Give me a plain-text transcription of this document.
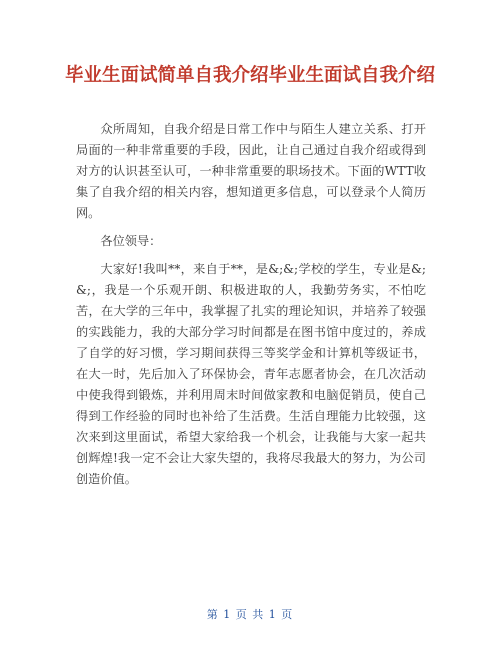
毕业生面试简单自我介绍毕业生面试自我介绍

众所周知，自我介绍是日常工作中与陌生人建立关系、打开局面的一种非常重要的手段，因此，让自己通过自我介绍或得到对方的认识甚至认可，一种非常重要的职场技术。下面的WTT收集了自我介绍的相关内容，想知道更多信息，可以登录个人简历网。

各位领导：

大家好!我叫**，来自于**，是&;&;学校的学生，专业是&;&;，我是一个乐观开朗、积极进取的人，我勤劳务实，不怕吃苦，在大学的三年中，我掌握了扎实的理论知识，并培养了较强的实践能力，我的大部分学习时间都是在图书馆中度过的，养成了自学的好习惯，学习期间获得三等奖学金和计算机等级证书，在大一时，先后加入了环保协会，青年志愿者协会，在几次活动中使我得到锻炼，并利用周末时间做家教和电脑促销员，使自己得到工作经验的同时也补给了生活费。生活自理能力比较强，这次来到这里面试，希望大家给我一个机会，让我能与大家一起共创辉煌!我一定不会让大家失望的，我将尽我最大的努力，为公司创造价值。

第 1 页 共 1 页
